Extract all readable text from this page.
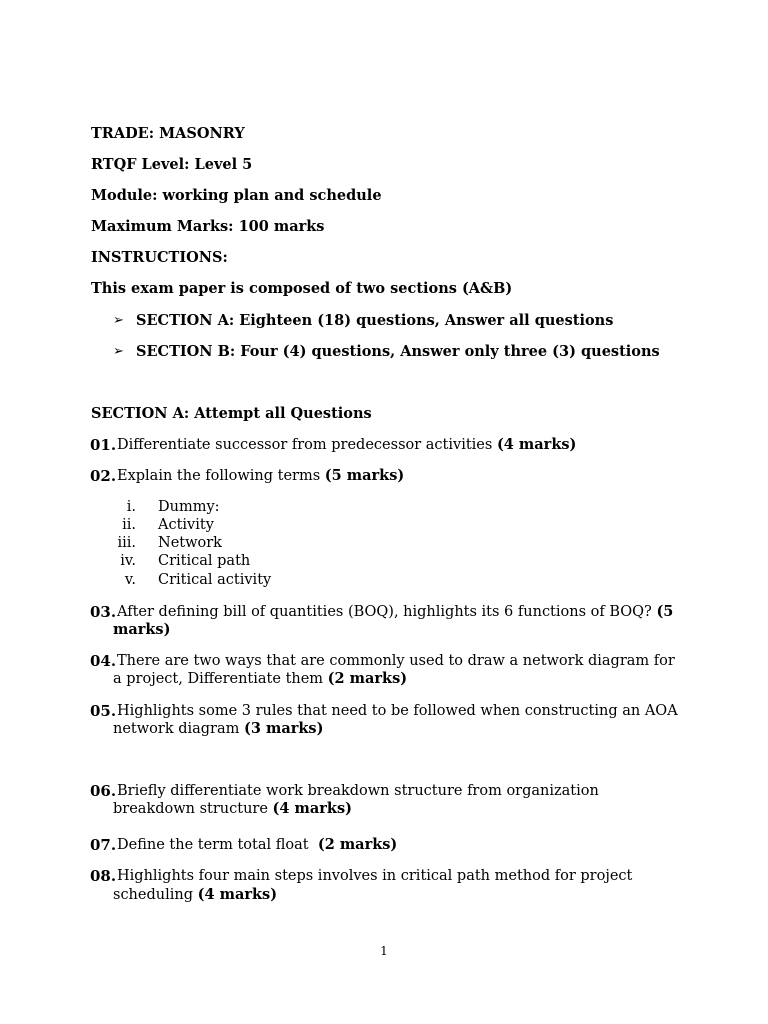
TRADE: MASONRY
RTQF Level: Level 5
Module: working plan and schedule
Maximum Marks: 100 marks
INSTRUCTIONS:
This exam paper is composed of two sections (A&B)
➢ SECTION A: Eighteen (18) questions, Answer all questions
➢ SECTION B: Four (4) questions, Answer only three (3) questions
SECTION A: Attempt all Questions
01. Differentiate successor from predecessor activities (4 marks)
02. Explain the following terms (5 marks)
i. Dummy:
ii. Activity
iii. Network
iv. Critical path
v. Critical activity
03. After defining bill of quantities (BOQ), highlights its 6 functions of BOQ? (5
marks)
04. There are two ways that are commonly used to draw a network diagram for
a project, Differentiate them (2 marks)
05. Highlights some 3 rules that need to be followed when constructing an AOA
network diagram (3 marks)
06. Briefly differentiate work breakdown structure from organization
breakdown structure (4 marks)
07. Define the term total float  (2 marks)
08. Highlights four main steps involves in critical path method for project
scheduling (4 marks)
1
